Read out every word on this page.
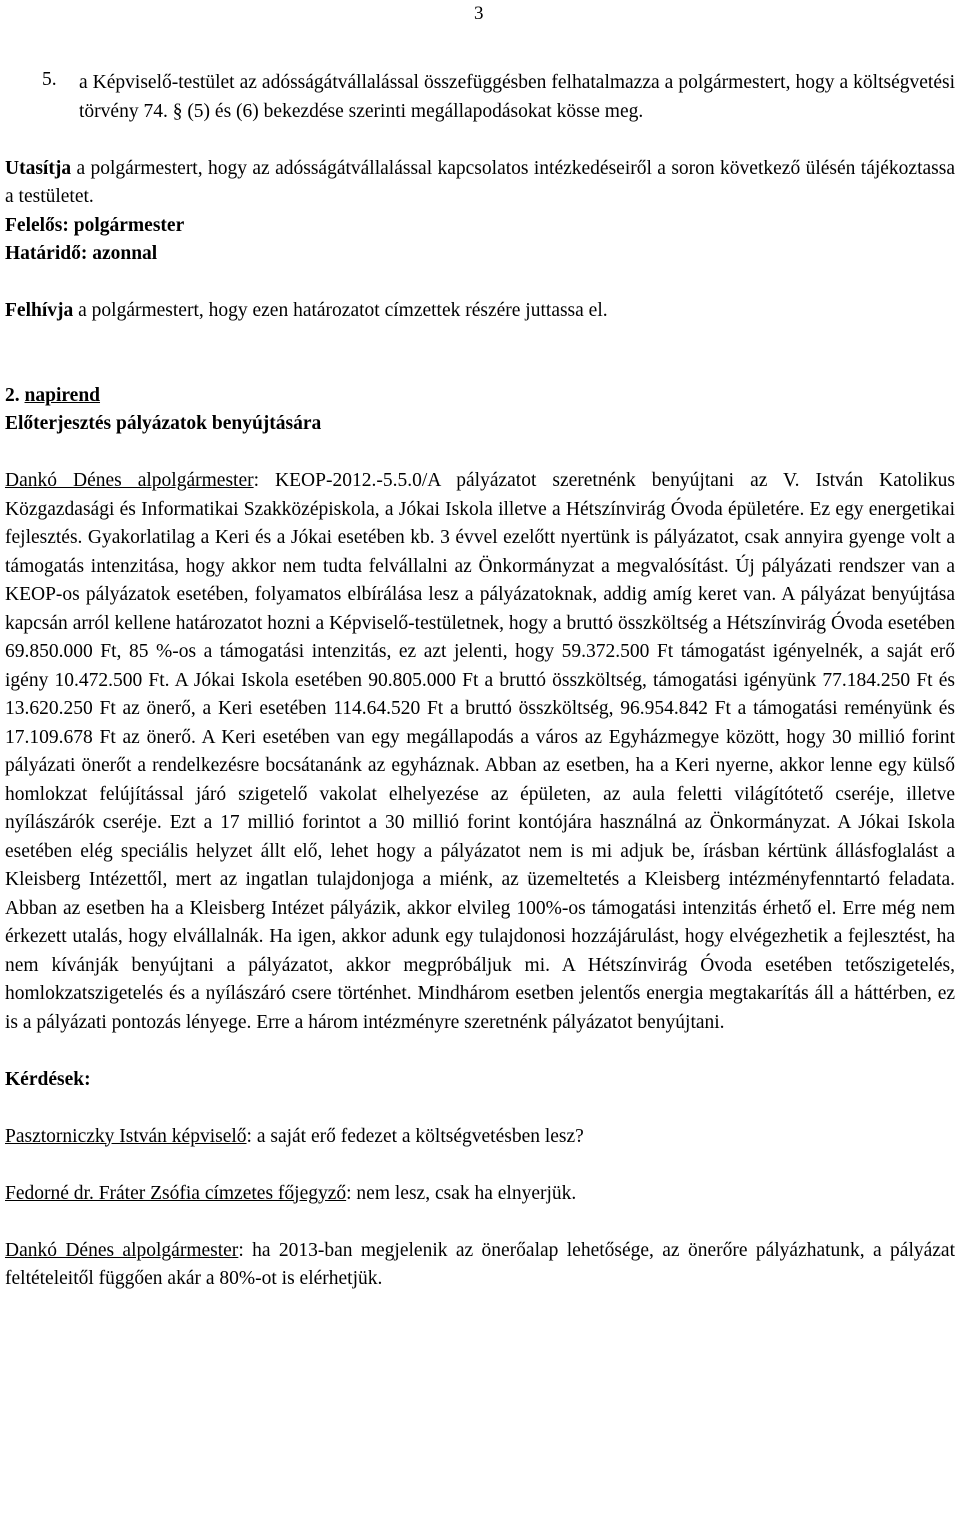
3
5.	a Képviselő-testület az adósságátvállalással összefüggésben felhatalmazza a polgármestert, hogy a költségvetési törvény 74. § (5) és (6) bekezdése szerinti megállapodásokat kösse meg.

Utasítja a polgármestert, hogy az adósságátvállalással kapcsolatos intézkedéseiről a soron következő ülésén tájékoztassa a testületet.

Felelős: polgármester

Határidő: azonnal

Felhívja a polgármestert, hogy ezen határozatot címzettek részére juttassa el.

2. napirend

Előterjesztés pályázatok benyújtására

Dankó Dénes alpolgármester: KEOP-2012.-5.5.0/A pályázatot szeretnénk benyújtani az V. István Katolikus Közgazdasági és Informatikai Szakközépiskola, a Jókai Iskola illetve a Hétszínvirág Óvoda épületére. Ez egy energetikai fejlesztés. Gyakorlatilag a Keri és a Jókai esetében kb. 3 évvel ezelőtt nyertünk is pályázatot, csak annyira gyenge volt a támogatás intenzitása, hogy akkor nem tudta felvállalni az Önkormányzat a megvalósítást. Új pályázati rendszer van a KEOP-os pályázatok esetében, folyamatos elbírálása lesz a pályázatoknak, addig amíg keret van. A pályázat benyújtása kapcsán arról kellene határozatot hozni a Képviselő-testületnek, hogy a bruttó összköltség a Hétszínvirág Óvoda esetében 69.850.000 Ft, 85 %-os a támogatási intenzitás, ez azt jelenti, hogy 59.372.500 Ft támogatást igényelnék, a saját erő igény 10.472.500 Ft. A Jókai Iskola esetében 90.805.000 Ft a bruttó összköltség, támogatási igényünk 77.184.250 Ft és 13.620.250 Ft az önerő, a Keri esetében 114.64.520 Ft a bruttó összköltség, 96.954.842 Ft a támogatási reményünk és 17.109.678 Ft az önerő. A Keri esetében van egy megállapodás a város az Egyházmegye között, hogy 30 millió forint pályázati önerőt a rendelkezésre bocsátanánk az egyháznak. Abban az esetben, ha a Keri nyerne, akkor lenne egy külső homlokzat felújítással járó szigetelő vakolat elhelyezése az épületen, az aula feletti világítótető cseréje, illetve nyílászárók cseréje. Ezt a 17 millió forintot a 30 millió forint kontójára használná az Önkormányzat. A Jókai Iskola esetében elég speciális helyzet állt elő, lehet hogy a pályázatot nem is mi adjuk be, írásban kértünk állásfoglalást a Kleisberg Intézettől, mert az ingatlan tulajdonjoga a miénk, az üzemeltetés a Kleisberg intézményfenntartó feladata. Abban az esetben ha a Kleisberg Intézet pályázik, akkor elvileg 100%-os támogatási intenzitás érhető el. Erre még nem érkezett utalás, hogy elvállalnák. Ha igen, akkor adunk egy tulajdonosi hozzájárulást, hogy elvégezhetik a fejlesztést, ha nem kívánják benyújtani a pályázatot, akkor megpróbáljuk mi. A Hétszínvirág Óvoda esetében tetőszigetelés, homlokzatszigetelés és a nyílászáró csere történhet. Mindhárom esetben jelentős energia megtakarítás áll a háttérben, ez is a pályázati pontozás lényege. Erre a három intézményre szeretnénk pályázatot benyújtani.

Kérdések:

Pasztorniczky István képviselő: a saját erő fedezet a költségvetésben lesz?

Fedorné dr. Fráter Zsófia címzetes főjegyző: nem lesz, csak ha elnyerjük.

Dankó Dénes alpolgármester: ha 2013-ban megjelenik az önerőalap lehetősége, az önerőre pályázhatunk, a pályázat feltételeitől függően akár a 80%-ot is elérhetjük.
